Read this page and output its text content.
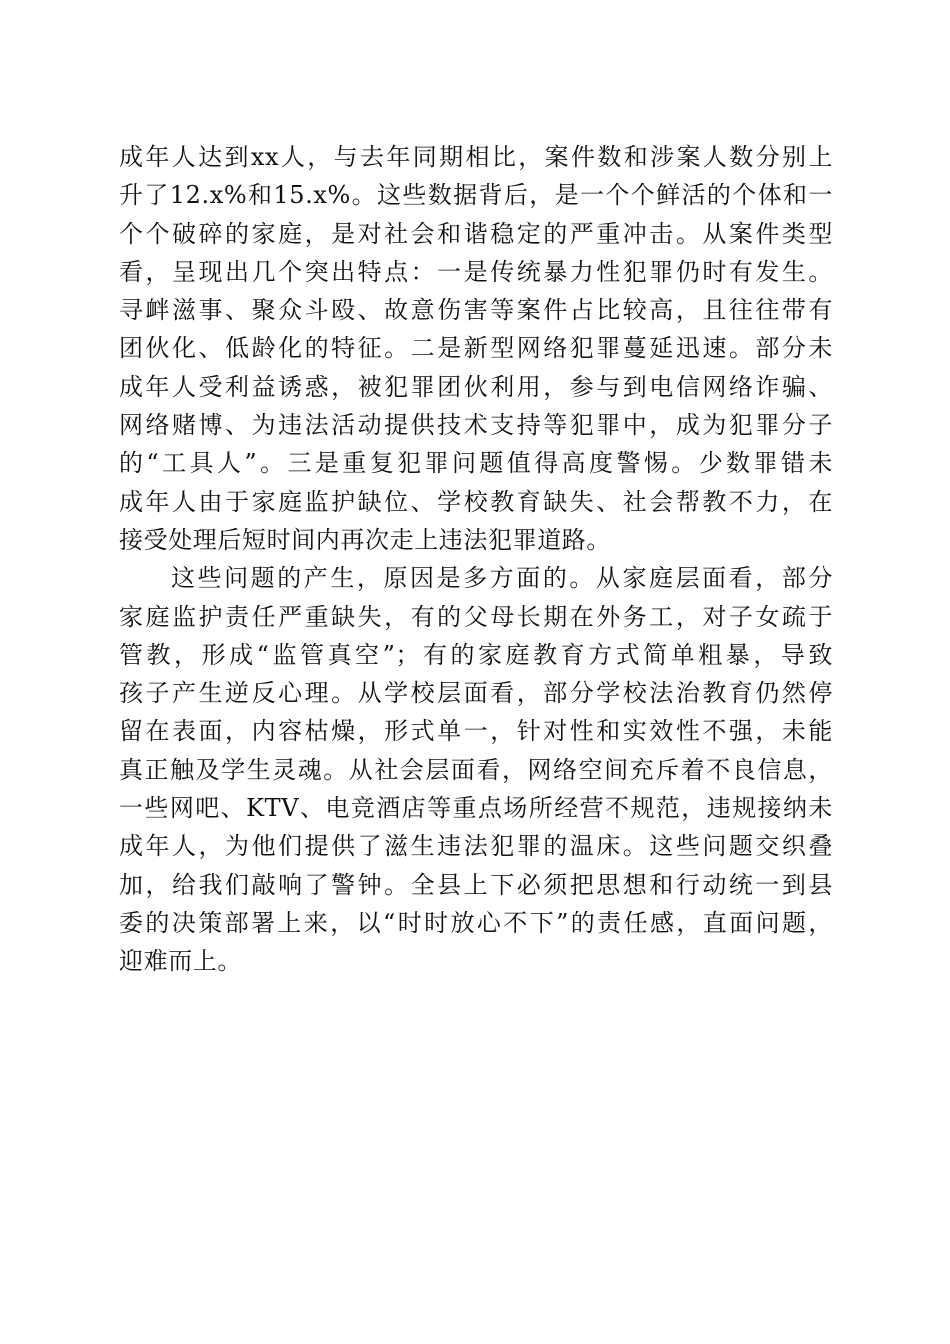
成年人达到xx人，与去年同期相比，案件数和涉案人数分别上
升了12.x%和15.x%。这些数据背后，是一个个鲜活的个体和一
个个破碎的家庭，是对社会和谐稳定的严重冲击。从案件类型
看，呈现出几个突出特点：一是传统暴力性犯罪仍时有发生。
寻衅滋事、聚众斗殴、故意伤害等案件占比较高，且往往带有
团伙化、低龄化的特征。二是新型网络犯罪蔓延迅速。部分未
成年人受利益诱惑，被犯罪团伙利用，参与到电信网络诈骗、
网络赌博、为违法活动提供技术支持等犯罪中，成为犯罪分子
的“工具人”。三是重复犯罪问题值得高度警惕。少数罪错未
成年人由于家庭监护缺位、学校教育缺失、社会帮教不力，在
接受处理后短时间内再次走上违法犯罪道路。
这些问题的产生，原因是多方面的。从家庭层面看，部分
家庭监护责任严重缺失，有的父母长期在外务工，对子女疏于
管教，形成“监管真空”；有的家庭教育方式简单粗暴，导致
孩子产生逆反心理。从学校层面看，部分学校法治教育仍然停
留在表面，内容枯燥，形式单一，针对性和实效性不强，未能
真正触及学生灵魂。从社会层面看，网络空间充斥着不良信息，
一些网吧、KTV、电竞酒店等重点场所经营不规范，违规接纳未
成年人，为他们提供了滋生违法犯罪的温床。这些问题交织叠
加，给我们敲响了警钟。全县上下必须把思想和行动统一到县
委的决策部署上来，以“时时放心不下”的责任感，直面问题，
迎难而上。
